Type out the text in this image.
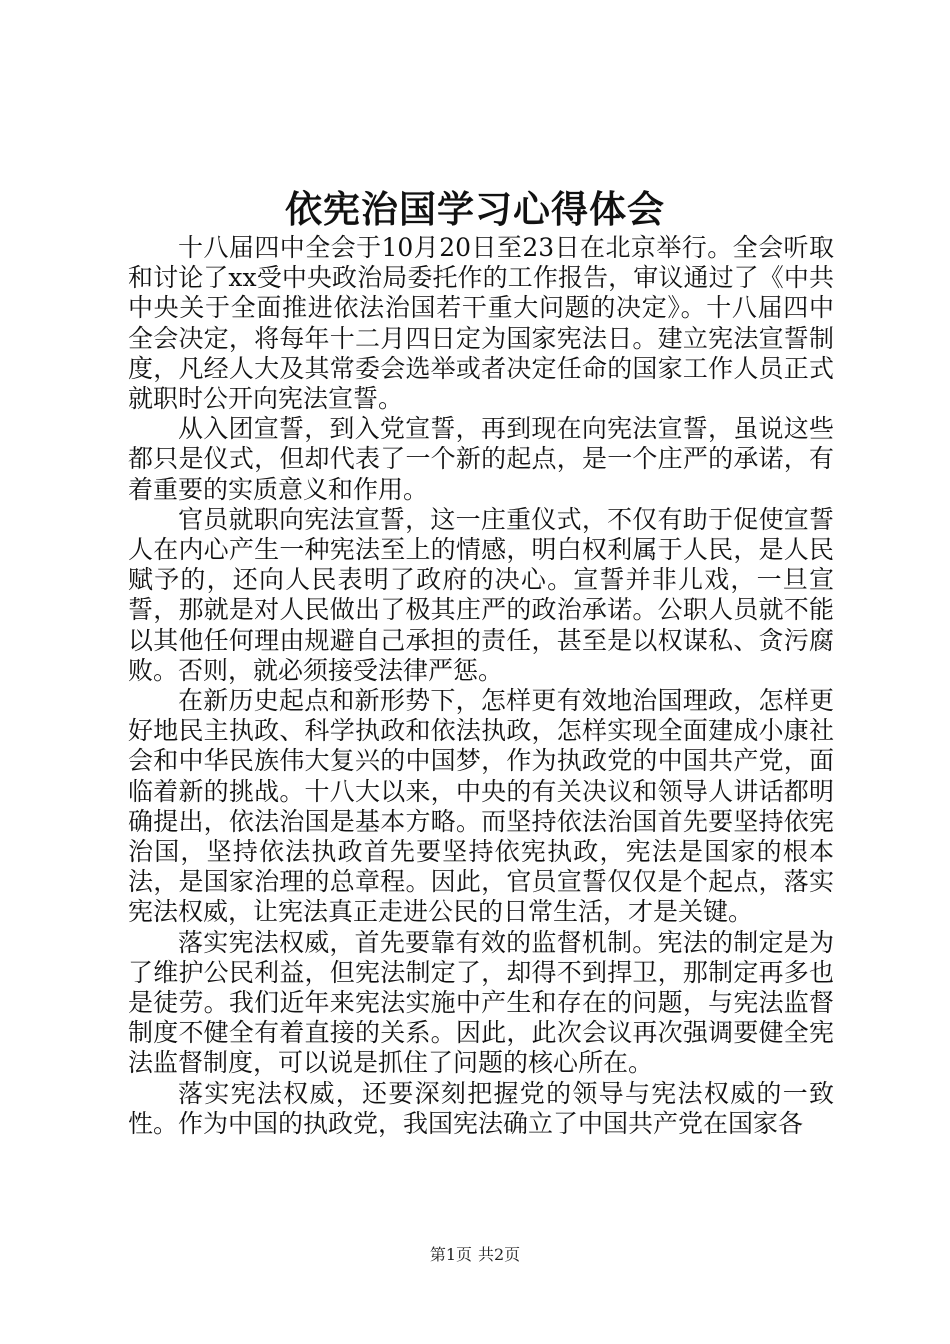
依宪治国学习心得体会

十八届四中全会于10月20日至23日在北京举行。全会听取和讨论了xx受中央政治局委托作的工作报告，审议通过了《中共中央关于全面推进依法治国若干重大问题的决定》。十八届四中全会决定，将每年十二月四日定为国家宪法日。建立宪法宣誓制度，凡经人大及其常委会选举或者决定任命的国家工作人员正式就职时公开向宪法宣誓。

从入团宣誓，到入党宣誓，再到现在向宪法宣誓，虽说这些都只是仪式，但却代表了一个新的起点，是一个庄严的承诺，有着重要的实质意义和作用。

官员就职向宪法宣誓，这一庄重仪式，不仅有助于促使宣誓人在内心产生一种宪法至上的情感，明白权利属于人民，是人民赋予的，还向人民表明了政府的决心。宣誓并非儿戏，一旦宣誓，那就是对人民做出了极其庄严的政治承诺。公职人员就不能以其他任何理由规避自己承担的责任，甚至是以权谋私、贪污腐败。否则，就必须接受法律严惩。

在新历史起点和新形势下，怎样更有效地治国理政，怎样更好地民主执政、科学执政和依法执政，怎样实现全面建成小康社会和中华民族伟大复兴的中国梦，作为执政党的中国共产党，面临着新的挑战。十八大以来，中央的有关决议和领导人讲话都明确提出，依法治国是基本方略。而坚持依法治国首先要坚持依宪治国，坚持依法执政首先要坚持依宪执政，宪法是国家的根本法，是国家治理的总章程。因此，官员宣誓仅仅是个起点，落实宪法权威，让宪法真正走进公民的日常生活，才是关键。

落实宪法权威，首先要靠有效的监督机制。宪法的制定是为了维护公民利益，但宪法制定了，却得不到捍卫，那制定再多也是徒劳。我们近年来宪法实施中产生和存在的问题，与宪法监督制度不健全有着直接的关系。因此，此次会议再次强调要健全宪法监督制度，可以说是抓住了问题的核心所在。

落实宪法权威，还要深刻把握党的领导与宪法权威的一致性。作为中国的执政党，我国宪法确立了中国共产党在国家各

第1页 共2页
